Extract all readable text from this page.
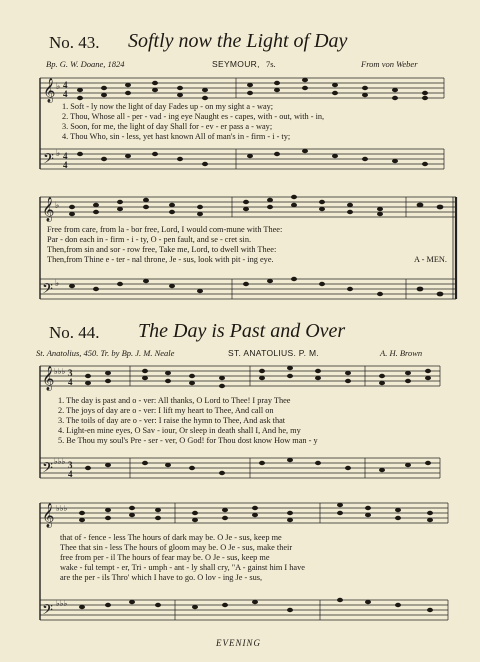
No. 43. Softly now the Light of Day
Bp. G. W. Doane, 1824	SEYMOUR, 7s.	From von Weber
𝄞
𝄢
♭
♭
4
4
4
4
1. Soft - ly now the light of day Fades up - on my sight a - way;
2. Thou, Whose all - per - vad - ing eye Naught es - capes, with - out, with - in,
3. Soon, for me, the light of day Shall for - ev - er pass a - way;
4. Thou Who, sin - less, yet hast known All of man's in - firm - i - ty;
𝄞
𝄢
♭
♭
Free from care, from la - bor free, Lord, I would com-mune with Thee:
Par - don each in - firm - i - ty, O - pen fault, and se - cret sin.
Then,from sin and sor - row free, Take me, Lord, to dwell with Thee:
Then,from Thine e - ter - nal throne, Je - sus, look with pit - ing eye.	A - MEN.
No. 44. The Day is Past and Over
St. Anatolius, 450. Tr. by Bp. J. M. Neale	ST. ANATOLIUS. P. M.	A. H. Brown
𝄞
𝄢
♭♭♭
♭♭♭
3
4
3
4
1. The day is past and o - ver: All thanks, O Lord to Thee! I pray Thee
2. The joys of day are o - ver: I lift my heart to Thee, And call on
3. The toils of day are o - ver: I raise the hymn to Thee, And ask that
4. Light-en mine eyes, O Sav - iour, Or sleep in death shall I, And he, my
5. Be Thou my soul's Pre - ser - ver, O God! for Thou dost know How man - y
𝄞
𝄢
♭♭♭
♭♭♭
that of - fence - less The hours of dark may be. O Je - sus, keep me
Thee that sin - less The hours of gloom may be. O Je - sus, make their
free from per - il The hours of fear may be. O Je - sus, keep me
wake - ful tempt - er, Tri - umph - ant - ly shall cry, "A - gainst him I have
are the per - ils Thro' which I have to go. O lov - ing Je - sus,
EVENING
